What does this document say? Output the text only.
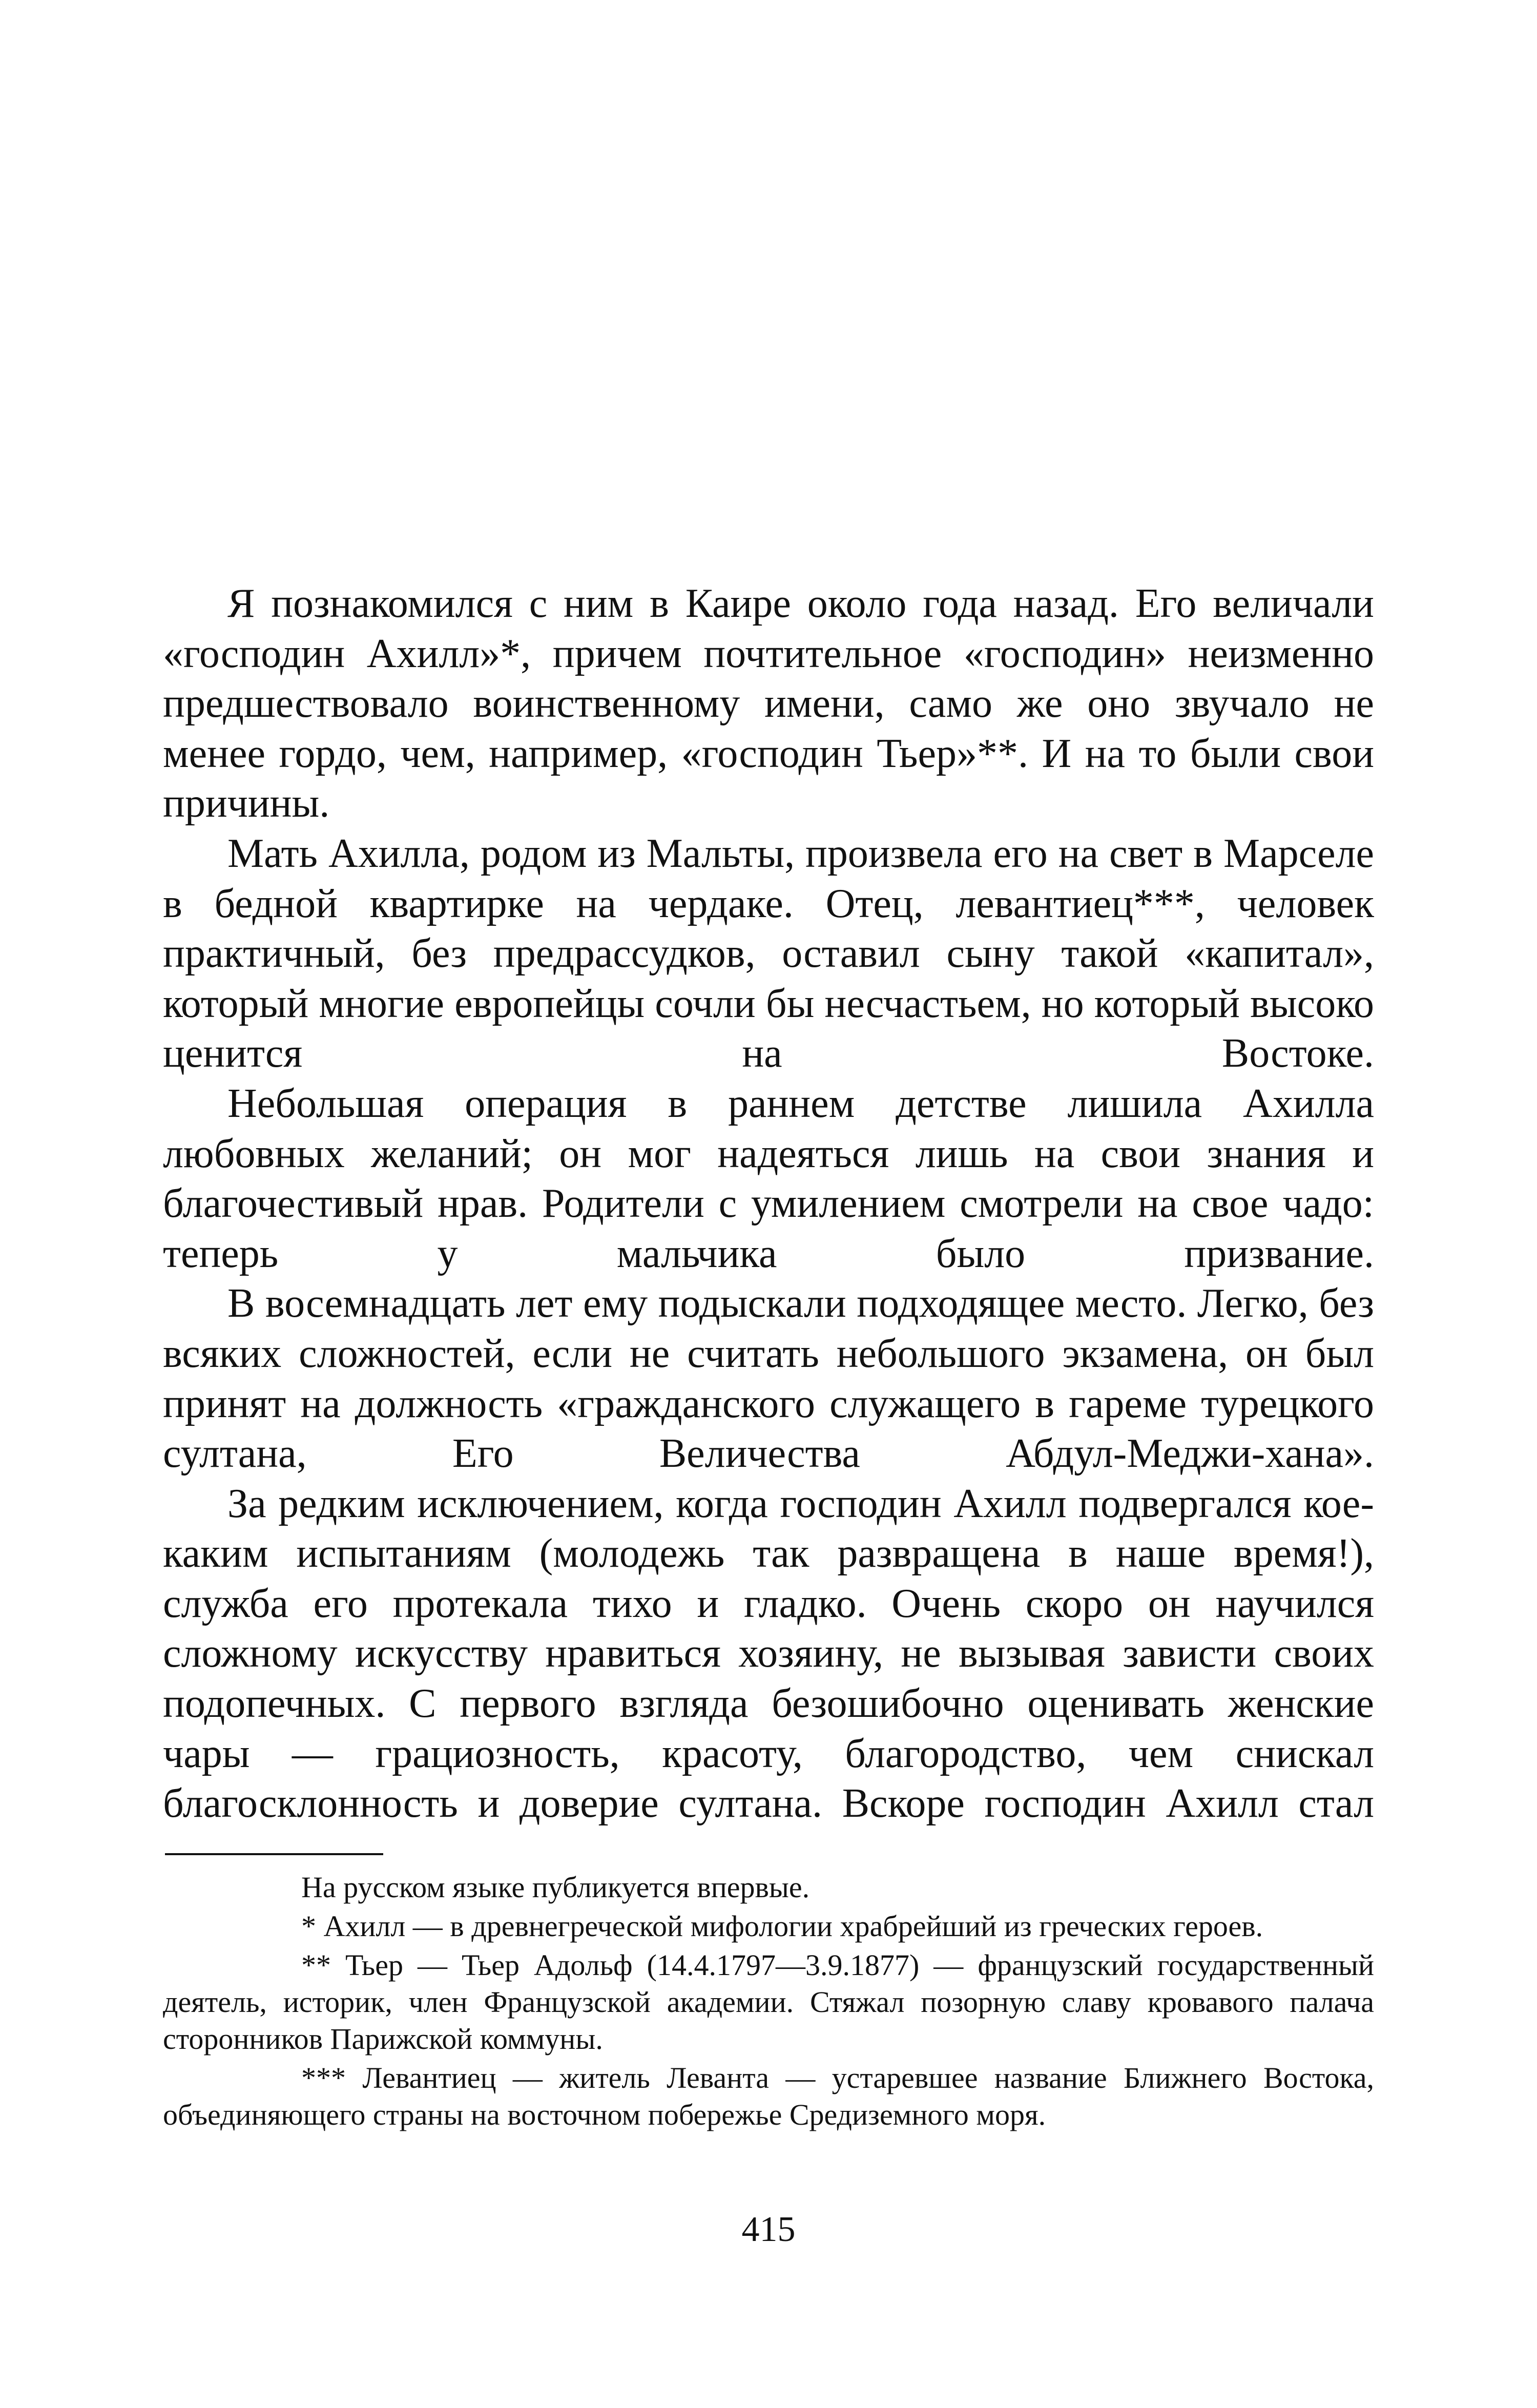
Я познакомился с ним в Каире около года назад. Его величали «господин Ахилл»*, причем почтительное «господин» неизменно предшествовало воинственному имени, само же оно звучало не менее гордо, чем, например, «господин Тьер»**. И на то были свои причины.

Мать Ахилла, родом из Мальты, произвела его на свет в Марселе в бедной квартирке на чердаке. Отец, левантиец***, человек практичный, без предрассудков, оставил сыну такой «капитал», который многие европейцы сочли бы несчастьем, но который высоко ценится на Востоке.

Небольшая операция в раннем детстве лишила Ахилла любовных желаний; он мог надеяться лишь на свои знания и благочестивый нрав. Родители с умилением смотрели на свое чадо: теперь у мальчика было призвание.

В восемнадцать лет ему подыскали подходящее место. Легко, без всяких сложностей, если не считать небольшого экзамена, он был принят на должность «гражданского служащего в гареме турецкого султана, Его Величества Абдул-Меджи-хана».

За редким исключением, когда господин Ахилл подвергался кое-каким испытаниям (молодежь так развращена в наше время!), служба его протекала тихо и гладко. Очень скоро он научился сложному искусству нравиться хозяину, не вызывая зависти своих подопечных. С первого взгляда безошибочно оценивать женские чары — грациозность, красоту, благородство, чем снискал благосклонность и доверие султана. Вскоре господин Ахилл стал

На русском языке публикуется впервые.

* Ахилл — в древнегреческой мифологии храбрейший из греческих героев.

** Тьер — Тьер Адольф (14.4.1797—3.9.1877) — французский государственный деятель, историк, член Французской академии. Стяжал позорную славу кровавого палача сторонников Парижской коммуны.

*** Левантиец — житель Леванта — устаревшее название Ближнего Востока, объединяющего страны на восточном побережье Средиземного моря.

415
